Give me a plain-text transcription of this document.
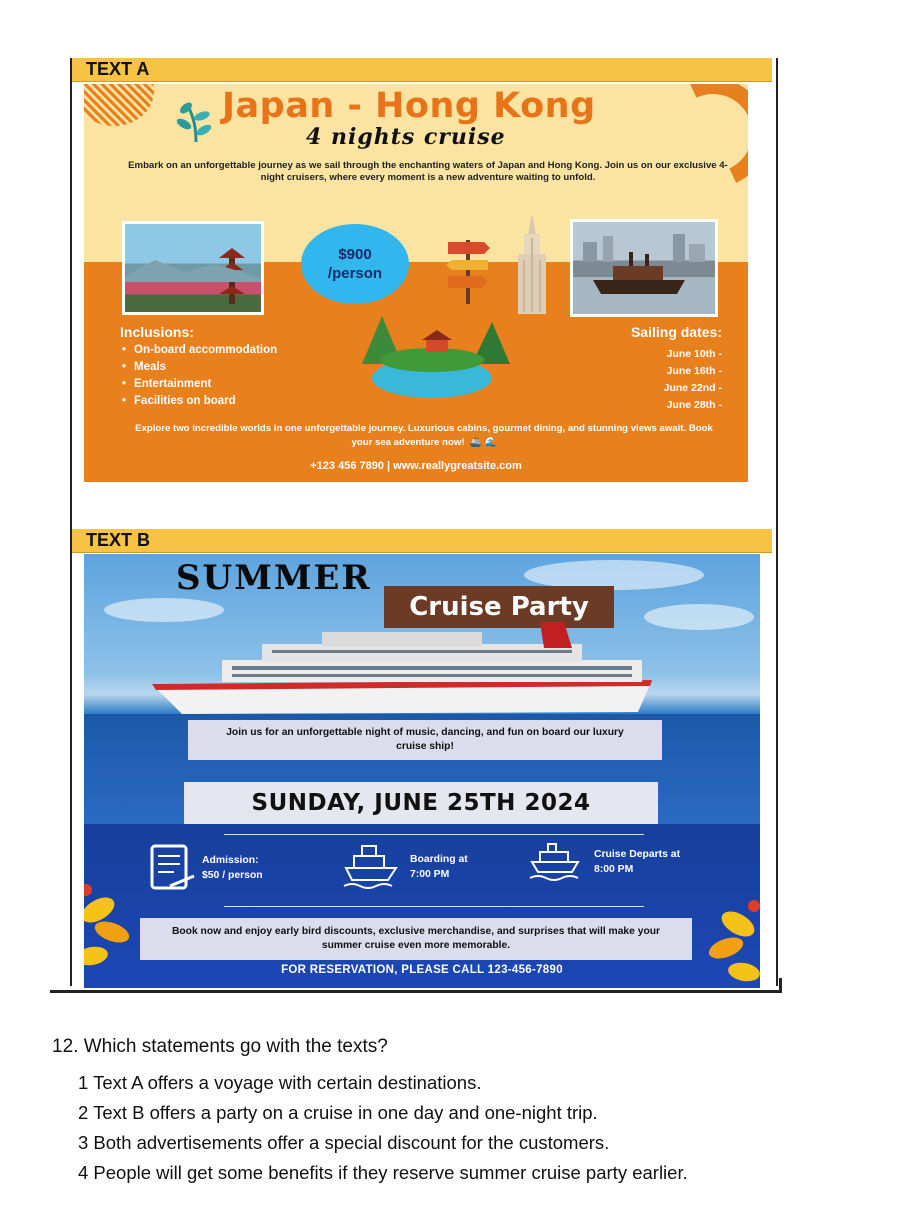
TEXT A
Japan - Hong Kong
4 nights cruise
Embark on an unforgettable journey as we sail through the enchanting waters of Japan and Hong Kong. Join us on our exclusive 4-night cruisers, where every moment is a new adventure waiting to unfold.
$900
/person
Inclusions:
• On-board accommodation
• Meals
• Entertainment
• Facilities on board
Sailing dates:
June 10th -
June 16th -
June 22nd -
June 28th -
Explore two incredible worlds in one unforgettable journey. Luxurious cabins, gourmet dining, and stunning views await. Book your sea adventure now!  🚢 🌊
+123 456 7890 | www.reallygreatsite.com
TEXT B
SUMMER
Cruise Party
Join us for an unforgettable night of music, dancing, and fun on board our luxury cruise ship!
SUNDAY, JUNE 25TH 2024
Admission:
$50 / person
Boarding at
7:00 PM
Cruise Departs at
8:00 PM
Book now and enjoy early bird discounts, exclusive merchandise, and surprises that will make your summer cruise even more memorable.
FOR RESERVATION, PLEASE CALL 123-456-7890
12. Which statements go with the texts?
1 Text A offers a voyage with certain destinations.
2 Text B offers a party on a cruise in one day and one-night trip.
3 Both advertisements offer a special discount for the customers.
4 People will get some benefits if they reserve summer cruise party earlier.
